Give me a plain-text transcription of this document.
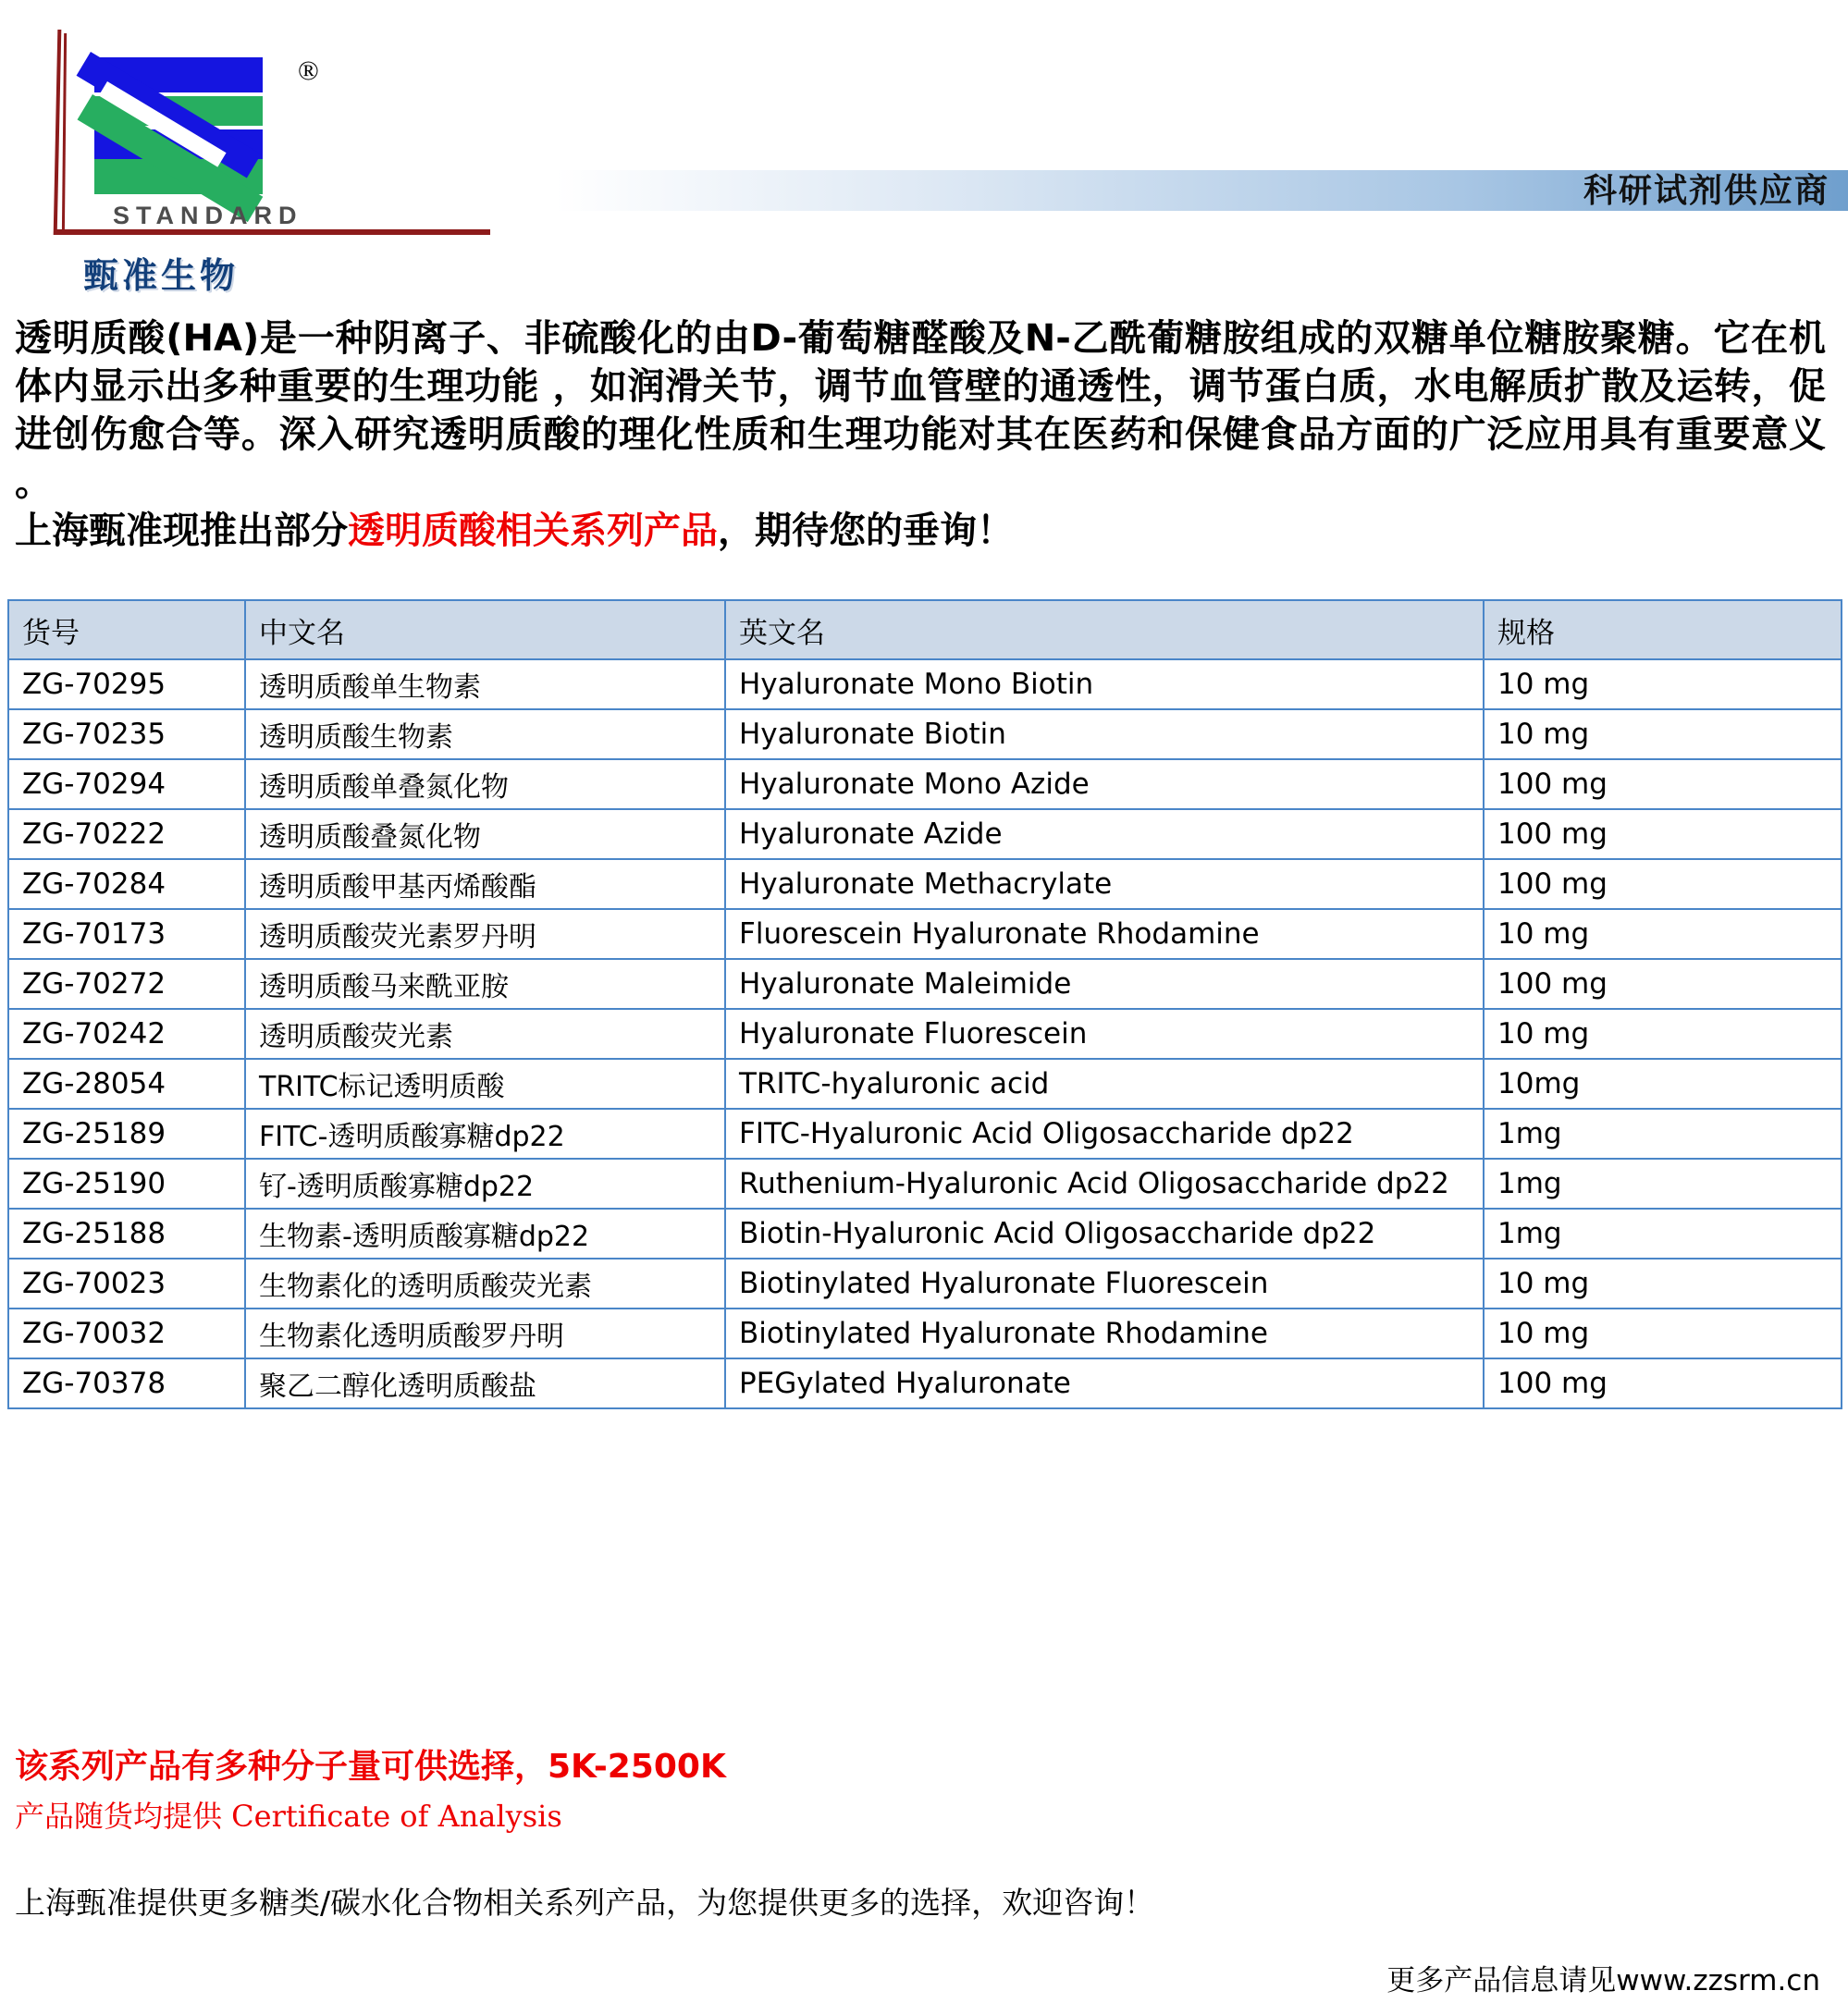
®
STANDARD
甄准生物
科研试剂供应商

透明质酸(HA)是一种阴离子、非硫酸化的由D-葡萄糖醛酸及N-乙酰葡糖胺组成的双糖单位糖胺聚糖。它在机体内显示出多种重要的生理功能 ，如润滑关节，调节血管壁的通透性，调节蛋白质，水电解质扩散及运转，促进创伤愈合等。深入研究透明质酸的理化性质和生理功能对其在医药和保健食品方面的广泛应用具有重要意义 。

上海甄准现推出部分透明质酸相关系列产品，期待您的垂询！

货号	中文名	英文名	规格
ZG-70295	透明质酸单生物素	Hyaluronate Mono Biotin	10 mg
ZG-70235	透明质酸生物素	Hyaluronate Biotin	10 mg
ZG-70294	透明质酸单叠氮化物	Hyaluronate Mono Azide	100 mg
ZG-70222	透明质酸叠氮化物	Hyaluronate Azide	100 mg
ZG-70284	透明质酸甲基丙烯酸酯	Hyaluronate Methacrylate	100 mg
ZG-70173	透明质酸荧光素罗丹明	Fluorescein Hyaluronate Rhodamine	10 mg
ZG-70272	透明质酸马来酰亚胺	Hyaluronate Maleimide	100 mg
ZG-70242	透明质酸荧光素	Hyaluronate Fluorescein	10 mg
ZG-28054	TRITC标记透明质酸	TRITC-hyaluronic acid	10mg
ZG-25189	FITC-透明质酸寡糖dp22	FITC-Hyaluronic Acid Oligosaccharide dp22	1mg
ZG-25190	钌-透明质酸寡糖dp22	Ruthenium-Hyaluronic Acid Oligosaccharide dp22	1mg
ZG-25188	生物素-透明质酸寡糖dp22	Biotin-Hyaluronic Acid Oligosaccharide dp22	1mg
ZG-70023	生物素化的透明质酸荧光素	Biotinylated Hyaluronate Fluorescein	10 mg
ZG-70032	生物素化透明质酸罗丹明	Biotinylated Hyaluronate Rhodamine	10 mg
ZG-70378	聚乙二醇化透明质酸盐	PEGylated Hyaluronate	100 mg
该系列产品有多种分子量可供选择，5K-2500K
产品随货均提供 Certificate of Analysis
上海甄准提供更多糖类/碳水化合物相关系列产品，为您提供更多的选择，欢迎咨询！
更多产品信息请见www.zzsrm.cn
